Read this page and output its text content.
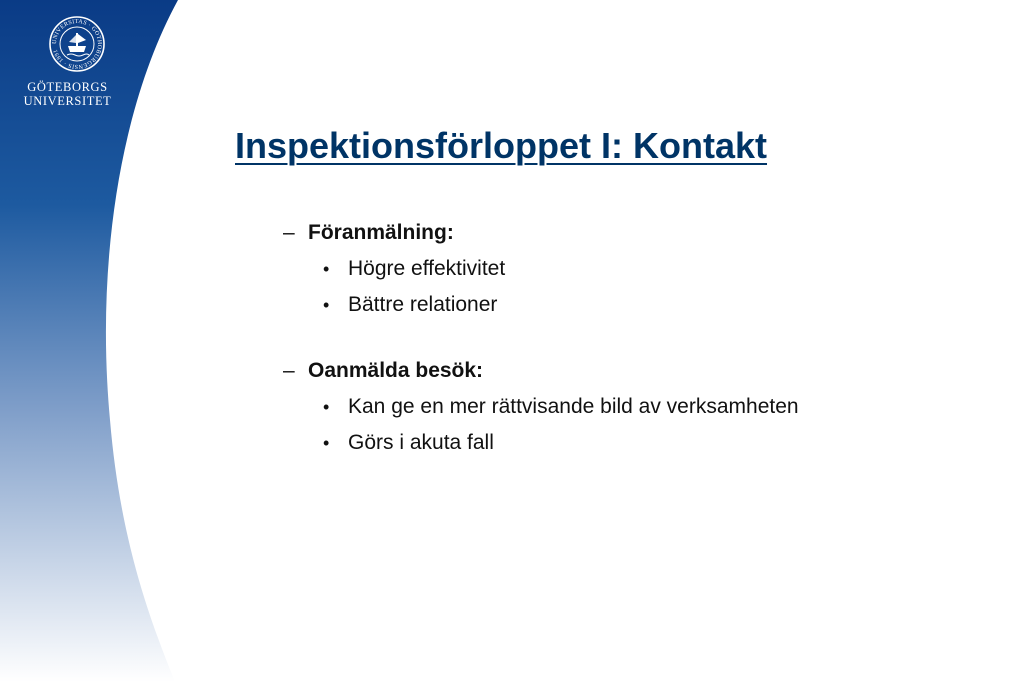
UNIVERSITAS · GOTHOBURGENSIS · 1891
GÖTEBORGS
UNIVERSITET
Inspektionsförloppet I: Kontakt
– Föranmälning:
• Högre effektivitet
• Bättre relationer
– Oanmälda besök:
• Kan ge en mer rättvisande bild av verksamheten
• Görs i akuta fall
